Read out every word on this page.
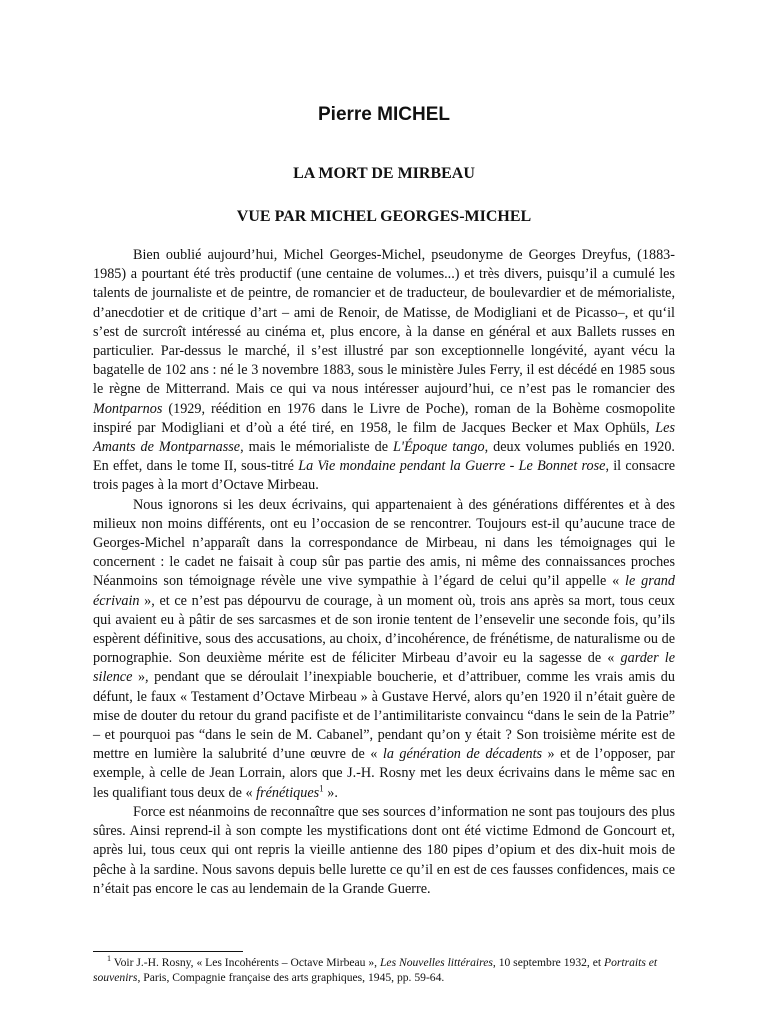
Pierre MICHEL
LA MORT DE MIRBEAU
VUE PAR MICHEL GEORGES-MICHEL

Bien oublié aujourd’hui, Michel Georges-Michel, pseudonyme de Georges Dreyfus, (1883-1985) a pourtant été très productif (une centaine de volumes...) et très divers, puisqu’il a cumulé les talents de journaliste et de peintre, de romancier et de traducteur, de boulevardier et de mémorialiste, d’anecdotier et de critique d’art – ami de Renoir, de Matisse, de Modigliani et de Picasso–, et qu‘il s’est de surcroît intéressé au cinéma et, plus encore, à la danse en général et aux Ballets russes en particulier. Par-dessus le marché, il s’est illustré par son exceptionnelle longévité, ayant vécu la bagatelle de 102 ans : né le 3 novembre 1883, sous le ministère Jules Ferry, il est décédé en 1985 sous le règne de Mitterrand. Mais ce qui va nous intéresser aujourd’hui, ce n’est pas le romancier des Montparnos (1929, réédition en 1976 dans le Livre de Poche), roman de la Bohème cosmopolite inspiré par Modigliani et d’où a été tiré, en 1958, le film de Jacques Becker et Max Ophüls, Les Amants de Montparnasse, mais le mémorialiste de L'Époque tango, deux volumes publiés en 1920. En effet, dans le tome II, sous-titré La Vie mondaine pendant la Guerre - Le Bonnet rose, il consacre trois pages à la mort d’Octave Mirbeau.

Nous ignorons si les deux écrivains, qui appartenaient à des générations différentes et à des milieux non moins différents, ont eu l’occasion de se rencontrer. Toujours est-il qu’aucune trace de Georges-Michel n’apparaît dans la correspondance de Mirbeau, ni dans les témoignages qui le concernent : le cadet ne faisait à coup sûr pas partie des amis, ni même des connaissances proches Néanmoins son témoignage révèle une vive sympathie à l’égard de celui qu’il appelle « le grand écrivain », et ce n’est pas dépourvu de courage, à un moment où, trois ans après sa mort, tous ceux qui avaient eu à pâtir de ses sarcasmes et de son ironie tentent de l’ensevelir une seconde fois, qu’ils espèrent définitive, sous des accusations, au choix, d’incohérence, de frénétisme, de naturalisme ou de pornographie. Son deuxième mérite est de féliciter Mirbeau d’avoir eu la sagesse de « garder le silence », pendant que se déroulait l’inexpiable boucherie, et d’attribuer, comme les vrais amis du défunt, le faux « Testament d’Octave Mirbeau » à Gustave Hervé, alors qu’en 1920 il n’était guère de mise de douter du retour du grand pacifiste et de l’antimilitariste convaincu “dans le sein de la Patrie” – et pourquoi pas “dans le sein de M. Cabanel”, pendant qu’on y était ? Son troisième mérite est de mettre en lumière la salubrité d’une œuvre de « la génération de décadents » et de l’opposer, par exemple, à celle de Jean Lorrain, alors que J.-H. Rosny met les deux écrivains dans le même sac en les qualifiant tous deux de « frénétiques$^1$ ».

Force est néanmoins de reconnaître que ses sources d’information ne sont pas toujours des plus sûres. Ainsi reprend-il à son compte les mystifications dont ont été victime Edmond de Goncourt et, après lui, tous ceux qui ont repris la vieille antienne des 180 pipes d’opium et des dix-huit mois de pêche à la sardine. Nous savons depuis belle lurette ce qu’il en est de ces fausses confidences, mais ce n’était pas encore le cas au lendemain de la Grande Guerre.

$^1$ Voir J.-H. Rosny, « Les Incohérents – Octave Mirbeau », Les Nouvelles littéraires, 10 septembre 1932, et Portraits et souvenirs, Paris, Compagnie française des arts graphiques, 1945, pp. 59-64.
